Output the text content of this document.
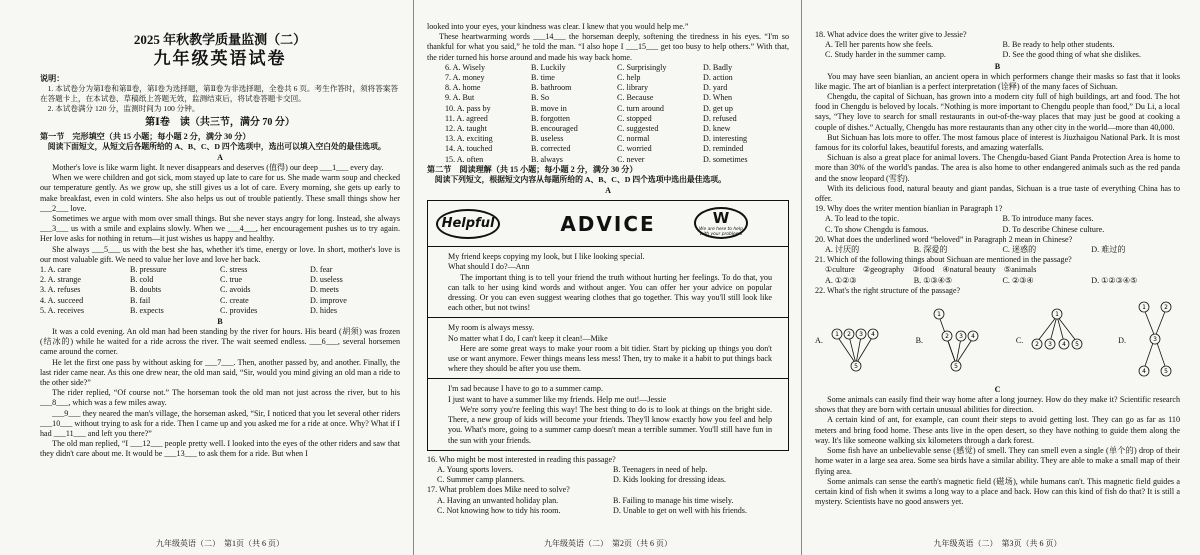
2025 年秋教学质量监测（二）
九年级英语试卷
说明：
1. 本试卷分为第Ⅰ卷和第Ⅱ卷，第Ⅰ卷为选择题，第Ⅱ卷为非选择题，全卷共 6 页。考生作答时，须将答案答在答题卡上，在本试卷、草稿纸上答题无效，监测结束后，将试卷答题卡交回。
2. 本试卷满分 120 分，监测时间为 100 分钟。
第Ⅰ卷　读（共三节，满分 70 分）
第一节　完形填空（共 15 小题；每小题 2 分，满分 30 分）
阅读下面短文，从短文后各题所给的 A、B、C、D 四个选项中，选出可以填入空白处的最佳选项。
A

Mother's love is like warm light. It never disappears and deserves (值得) our deep ___1___ every day.

When we were children and got sick, mom stayed up late to care for us. She made warm soup and checked our temperature gently. As we grow up, she still gives us a lot of care. Every morning, she gets up early to make breakfast, even in cold winters. She also helps us out of trouble patiently. These small things show her ___2___ love.

Sometimes we argue with mom over small things. But she never stays angry for long. Instead, she always ___3___ us with a smile and explains slowly. When we ___4___, her encouragement pushes us to try again. Her love asks for nothing in return—it just wishes us happy and healthy.

She always ___5___ us with the best she has, whether it's time, energy or love. In short, mother's love is our most valuable gift. We need to value her love and love her back.

1. A. care	B. pressure	C. stress	D. fear
2. A. strange	B. cold	C. true	D. useless
3. A. refuses	B. doubts	C. avoids	D. meets
4. A. succeed	B. fail	C. create	D. improve
5. A. receives	B. expects	C. provides	D. hides
B

It was a cold evening. An old man had been standing by the river for hours. His beard (胡须) was frozen (结冰的) while he waited for a ride across the river. The wait seemed endless. ___6___, several horsemen came around the corner.

He let the first one pass by without asking for ___7___. Then, another passed by, and another. Finally, the last rider came near. As this one drew near, the old man said, “Sir, would you mind giving an old man a ride to the other side?”

The rider replied, “Of course not.” The horseman took the old man not just across the river, but to his ___8___, which was a few miles away.

___9___ they neared the man's village, the horseman asked, “Sir, I noticed that you let several other riders ___10___ without trying to ask for a ride. Then I came up and you asked me for a ride at once. Why? What if I had ___11___ and left you there?”

The old man replied, “I ___12___ people pretty well. I looked into the eyes of the other riders and saw that they didn't care about me. It would be ___13___ to ask them for a ride. But when I

九年级英语（二）　第1页（共 6 页）

looked into your eyes, your kindness was clear. I knew that you would help me.”

These heartwarming words ___14___ the horseman deeply, softening the tiredness in his eyes. “I'm so thankful for what you said,” he told the man. “I also hope I ___15___ get too busy to help others.” With that, the rider turned his horse around and made his way back home.

6. A. Wisely	B. Luckily	C. Surprisingly	D. Badly
7. A. money	B. time	C. help	D. action
8. A. home	B. bathroom	C. library	D. yard
9. A. But	B. So	C. Because	D. When
10. A. pass by	B. move in	C. turn around	D. get up
11. A. agreed	B. forgotten	C. stopped	D. refused
12. A. taught	B. encouraged	C. suggested	D. knew
13. A. exciting	B. useless	C. normal	D. interesting
14. A. touched	B. corrected	C. worried	D. reminded
15. A. often	B. always	C. never	D. sometimes
第二节　阅读理解（共 15 小题；每小题 2 分，满分 30 分）
阅读下列短文，根据短文内容从每题所给的 A、B、C、D 四个选项中选出最佳选项。
A
Helpful	ADVICE	W
We are here to help with your problems
My friend keeps copying my look, but I like looking special.
What should I do?—Ann

The important thing is to tell your friend the truth without hurting her feelings. To do that, you can talk to her using kind words and without anger. You can offer her your advice on popular dressing. Or you can even suggest wearing clothes that go together. This way you'll still look like each other, but not twins!

My room is always messy.
No matter what I do, I can't keep it clean!—Mike

Here are some great ways to make your room a bit tidier. Start by picking up things you don't use or want anymore. Fewer things means less mess! Then, try to make it a habit to put things back where they should be after you use them.

I'm sad because I have to go to a summer camp.
I just want to have a summer like my friends. Help me out!—Jessie

We're sorry you're feeling this way! The best thing to do is to look at things on the bright side. There, a new group of kids will become your friends. They'll know exactly how you feel and help you. What's more, going to a summer camp doesn't mean a terrible summer. You'll still have fun in the sun with your friends.

16. Who might be most interested in reading this passage?
A. Young sports lovers.	B. Teenagers in need of help.
C. Summer camp planners.	D. Kids looking for dressing ideas.
17. What problem does Mike need to solve?
A. Having an unwanted holiday plan.	B. Failing to manage his time wisely.
C. Not knowing how to tidy his room.	D. Unable to get on well with his friends.
九年级英语（二）　第2页（共 6 页）
18. What advice does the writer give to Jessie?
A. Tell her parents how she feels.	B. Be ready to help other students.
C. Study harder in the summer camp.	D. See the good thing of what she dislikes.
B

You may have seen bianlian, an ancient opera in which performers change their masks so fast that it looks like magic. The art of bianlian is a perfect interpretation (诠释) of the many faces of Sichuan.

Chengdu, the capital of Sichuan, has grown into a modern city full of high buildings, art and food. The hot food in Chengdu is beloved by locals. “Nothing is more important to Chengdu people than food,” Du Li, a local says, “They love to search for small restaurants in out-of-the-way places that may just be good at cooking a couple of dishes.” Actually, Chengdu has more restaurants than any other city in the world—more than 40,000.

But Sichuan has lots more to offer. The most famous place of interest is Jiuzhaigou National Park. It is most famous for its colorful lakes, beautiful forests, and amazing waterfalls.

Sichuan is also a great place for animal lovers. The Chengdu-based Giant Panda Protection Area is home to more than 30% of the world's pandas. The area is also home to other endangered animals such as the red panda and the snow leopard (雪豹).

With its delicious food, natural beauty and giant pandas, Sichuan is a true taste of everything China has to offer.

19. Why does the writer mention bianlian in Paragraph 1?
A. To lead to the topic.	B. To introduce many faces.
C. To show Chengdu is famous.	D. To describe Chinese culture.
20. What does the underlined word “beloved” in Paragraph 2 mean in Chinese?
A. 讨厌的	B. 深爱的	C. 迷惑的	D. 难过的
21. Which of the following things about Sichuan are mentioned in the passage?
①culture　②geography　③food　④natural beauty　⑤animals
A. ①②③	B. ①③④⑤	C. ②③④	D. ①②③④⑤
22. What's the right structure of the passage?
A.
1 2 3 4
5
B.
1
2 3 4
5
C.
1
2 3 4 5	D.
1	2
3
4	5
C

Some animals can easily find their way home after a long journey. How do they make it? Scientific research shows that they are born with certain unusual abilities for direction.

A certain kind of ant, for example, can count their steps to avoid getting lost. They can go as far as 110 meters and bring food home. These ants live in the open desert, so they have nothing to guide them along the way. It's like someone walking six kilometers through a dark forest.

Some fish have an unbelievable sense (感觉) of smell. They can smell even a single (单个的) drop of their home water in a large sea area. Some sea birds have a similar ability. They are able to make a small map of their flying area.

Some animals can sense the earth's magnetic field (磁场), while humans can't. This magnetic field guides a certain kind of fish when it swims a long way to a place and back. How can this kind of fish do that? It is still a mystery. Scientists have no good answers yet.

九年级英语（二）　第3页（共 6 页）
